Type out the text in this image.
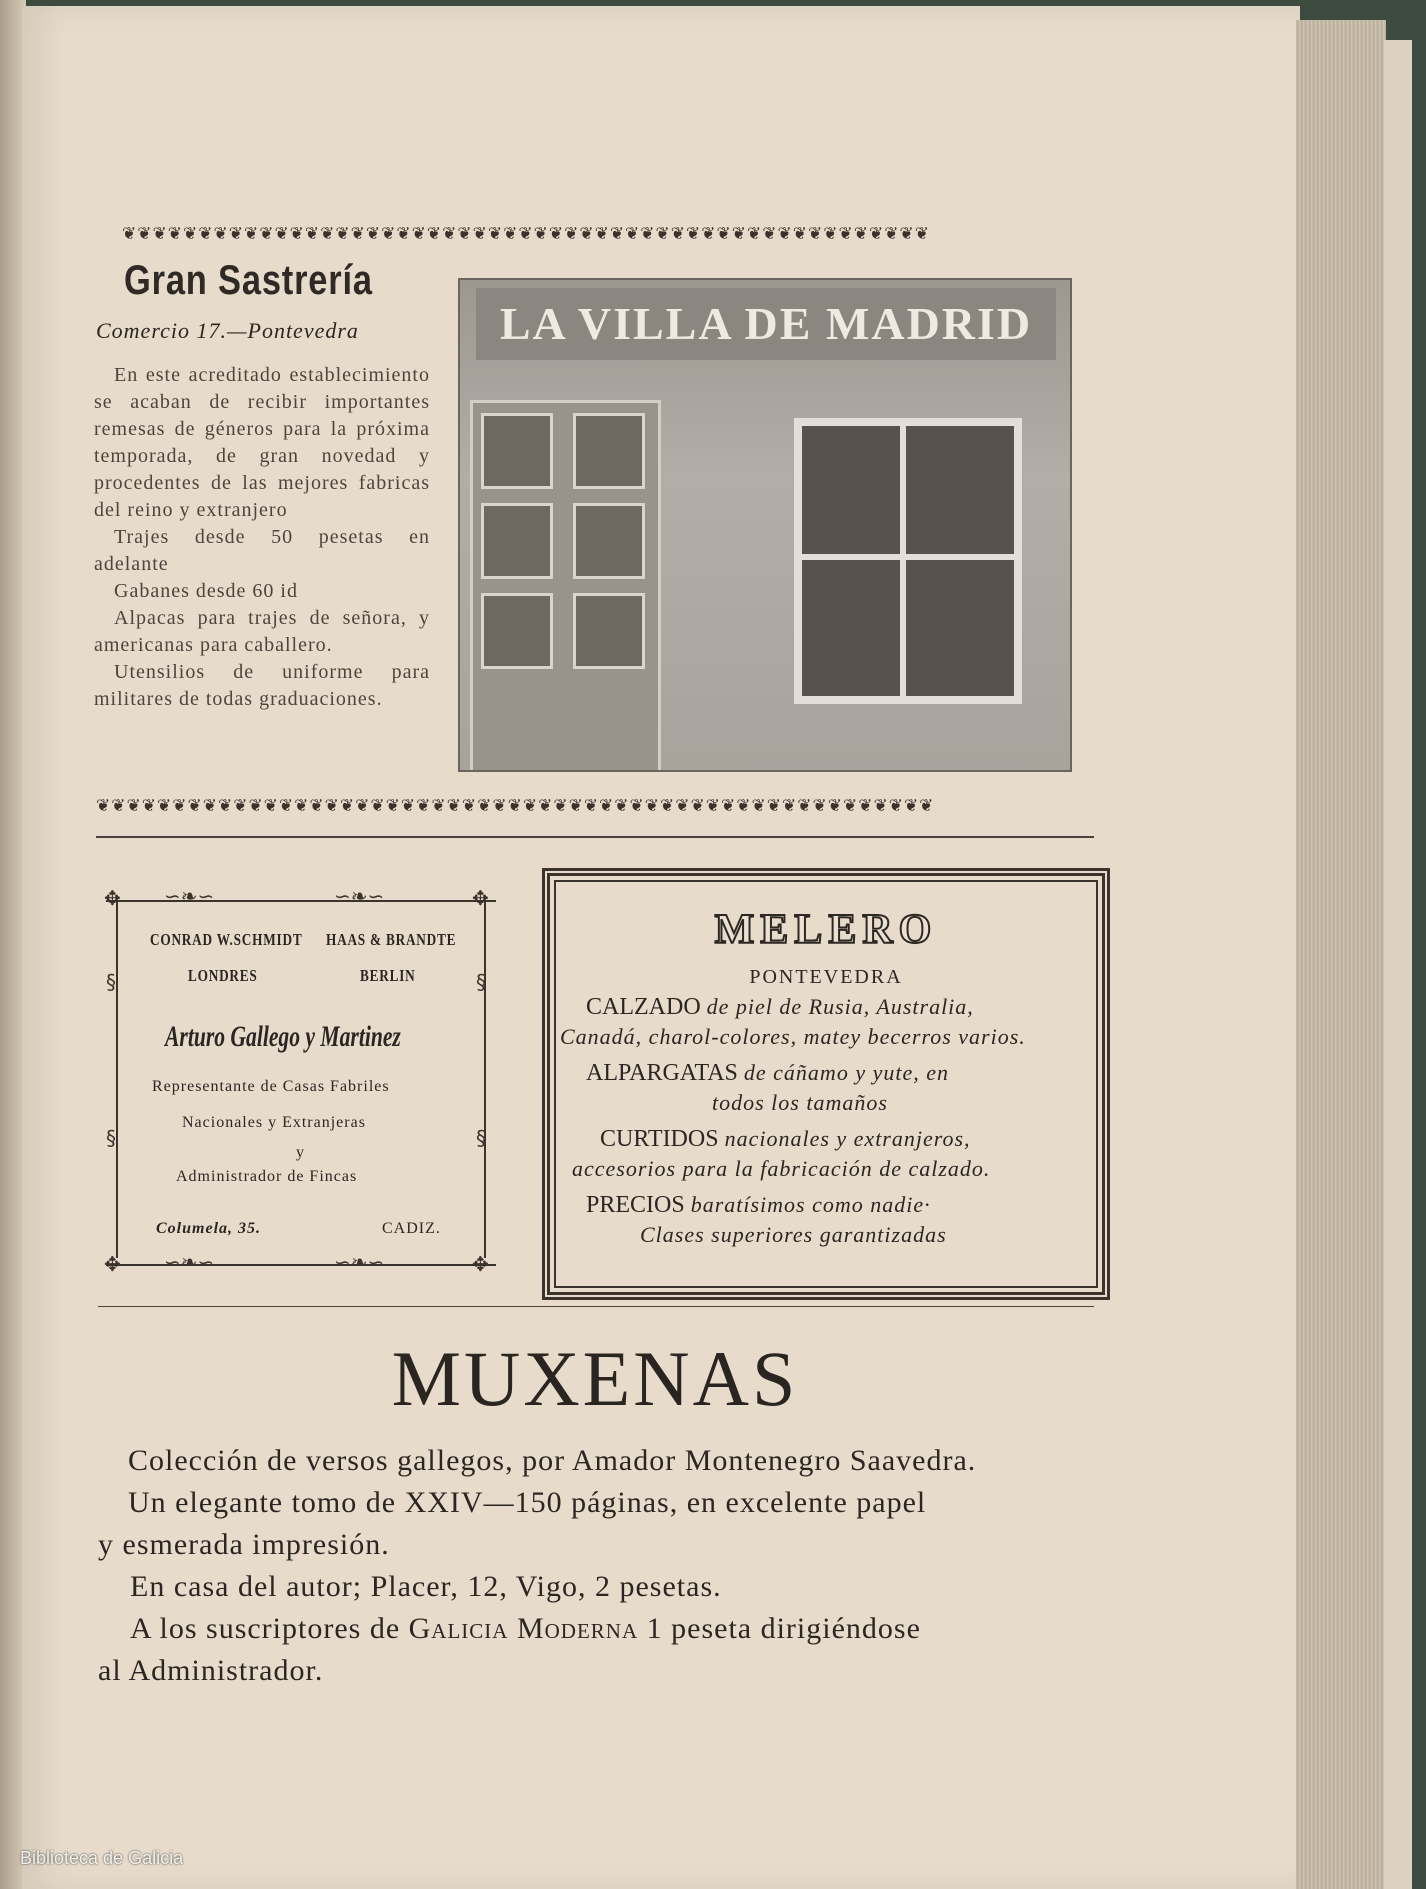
❦❦❦❦❦❦❦❦❦❦❦❦❦❦❦❦❦❦❦❦❦❦❦❦❦❦❦❦❦❦❦❦❦❦❦❦❦❦❦❦❦❦❦❦❦❦❦❦❦❦❦❦❦
Gran Sastrería
Comercio 17.—Pontevedra

En este acreditado establecimiento se acaban de recibir importantes remesas de géneros para la próxima temporada, de gran novedad y procedentes de las mejores fabricas del reino y extranjero

Trajes desde 50 pesetas en adelante

Gabanes desde 60 id

Alpacas para trajes de señora, y americanas para caballero.

Utensilios de uniforme para militares de todas graduaciones.

LA VILLA DE MADRID
❦❦❦❦❦❦❦❦❦❦❦❦❦❦❦❦❦❦❦❦❦❦❦❦❦❦❦❦❦❦❦❦❦❦❦❦❦❦❦❦❦❦❦❦❦❦❦❦❦❦❦❦❦❦❦
✥	✥
✥	✥
∽❧∽	∽❧∽
∽❧∽	∽❧∽
§	§
§	§
CONRAD W.SCHMIDT
LONDRES
HAAS & BRANDTE
BERLIN
Arturo Gallego y Martinez
Representante de Casas Fabriles
Nacionales y Extranjeras
y
Administrador de Fincas
Columela, 35.	CADIZ.
MELERO
PONTEVEDRA
CALZADO de piel de Rusia, Australia,
Canadá, charol-colores, matey becerros varios.
ALPARGATAS de cáñamo y yute, en
todos los tamaños
CURTIDOS nacionales y extranjeros,
accesorios para la fabricación de calzado.
PRECIOS baratísimos como nadie·
Clases superiores garantizadas
MUXENAS
Colección de versos gallegos, por Amador Montenegro Saavedra.
Un elegante tomo de XXIV—150 páginas, en excelente papel
y esmerada impresión.
En casa del autor; Placer, 12, Vigo, 2 pesetas.
A los suscriptores de Galicia Moderna 1 peseta dirigiéndose
al Administrador.
Biblioteca de Galicia
